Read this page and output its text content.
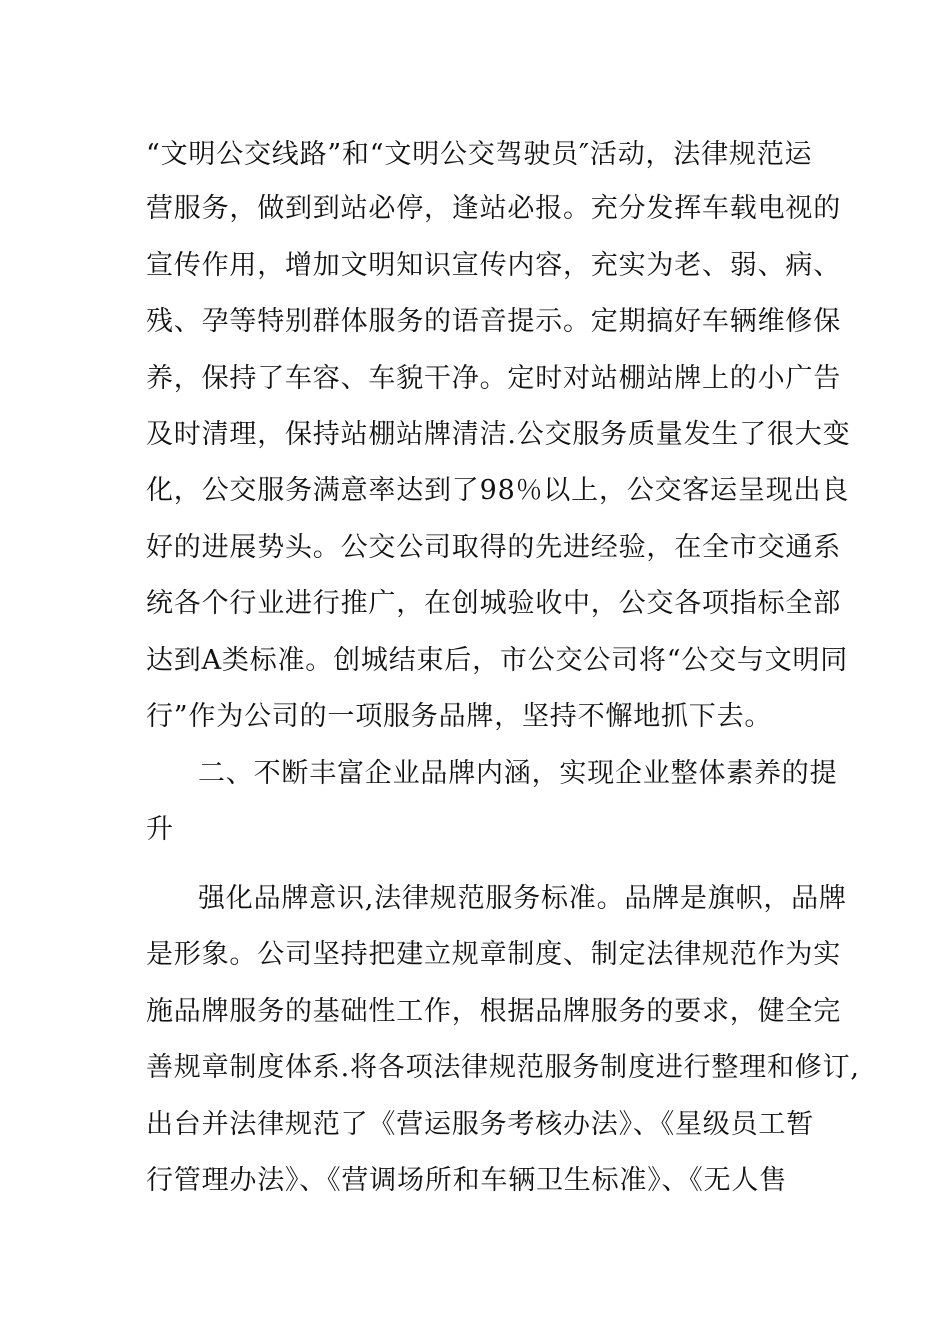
“文明公交线路”和“文明公交驾驶员″活动，法律规范运
营服务，做到到站必停，逢站必报。充分发挥车载电视的
宣传作用，增加文明知识宣传内容，充实为老、弱、病、
残、孕等特别群体服务的语音提示。定期搞好车辆维修保
养，保持了车容、车貌干净。定时对站棚站牌上的小广告
及时清理，保持站棚站牌清洁.公交服务质量发生了很大变
化，公交服务满意率达到了98％以上，公交客运呈现出良
好的进展势头。公交公司取得的先进经验，在全市交通系
统各个行业进行推广，在创城验收中，公交各项指标全部
达到A类标准。创城结束后，市公交公司将“公交与文明同
行”作为公司的一项服务品牌，坚持不懈地抓下去。
二、不断丰富企业品牌内涵，实现企业整体素养的提
升
强化品牌意识,法律规范服务标准。品牌是旗帜，品牌
是形象。公司坚持把建立规章制度、制定法律规范作为实
施品牌服务的基础性工作，根据品牌服务的要求，健全完
善规章制度体系.将各项法律规范服务制度进行整理和修订,
出台并法律规范了《营运服务考核办法》、《星级员工暂
行管理办法》、《营调场所和车辆卫生标准》、《无人售
